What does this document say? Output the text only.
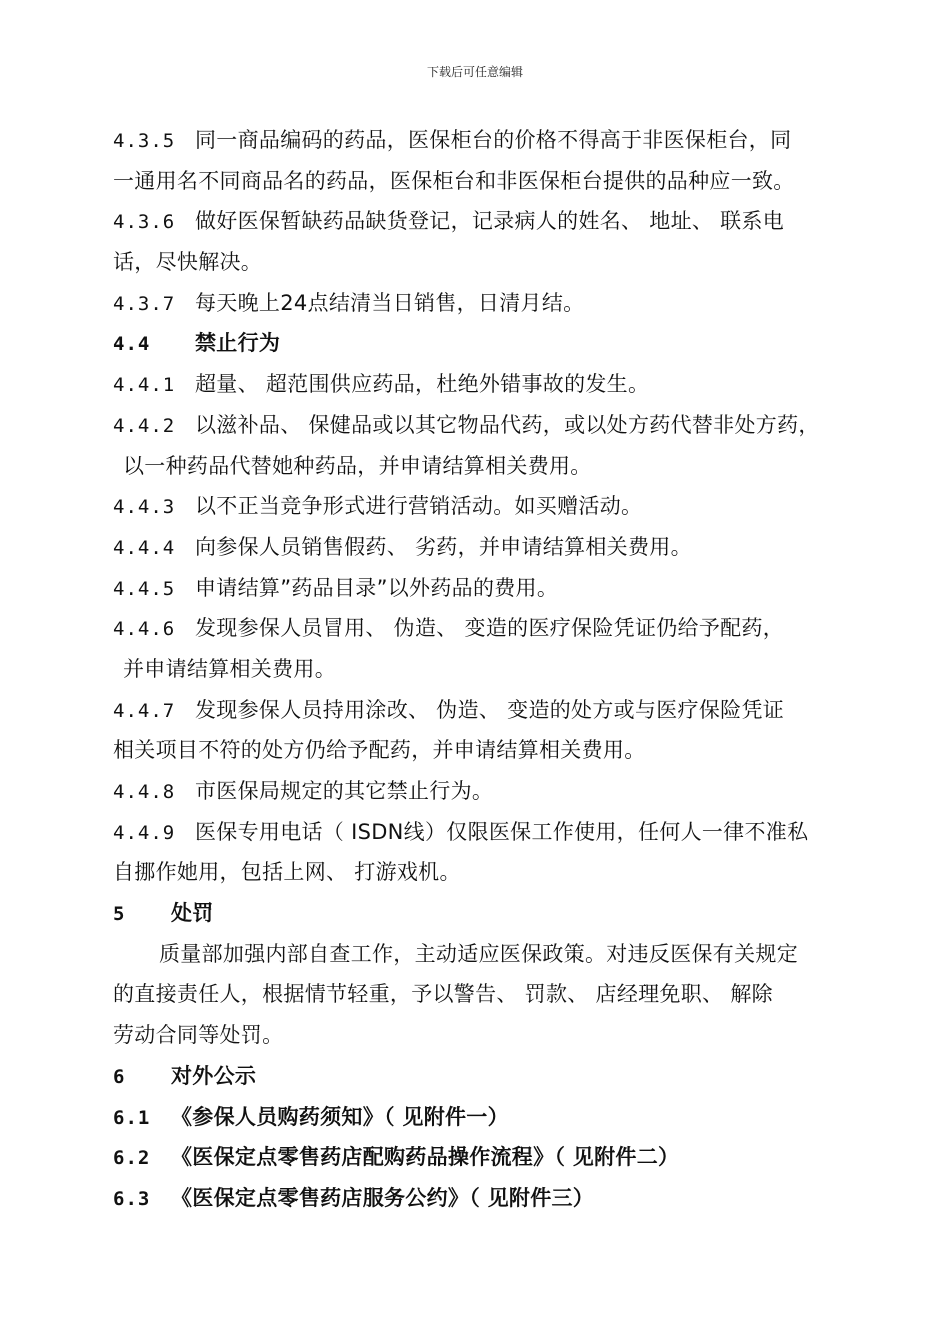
下载后可任意编辑
4.3.5 同一商品编码的药品，医保柜台的价格不得高于非医保柜台，同
一通用名不同商品名的药品，医保柜台和非医保柜台提供的品种应一致。
4.3.6 做好医保暂缺药品缺货登记，记录病人的姓名、 地址、 联系电
话，尽快解决。
4.3.7 每天晚上24点结清当日销售，日清月结。
4.4 禁止行为
4.4.1 超量、 超范围供应药品，杜绝外错事故的发生。
4.4.2 以滋补品、 保健品或以其它物品代药，或以处方药代替非处方药，
以一种药品代替她种药品，并申请结算相关费用。
4.4.3 以不正当竞争形式进行营销活动。如买赠活动。
4.4.4 向参保人员销售假药、 劣药，并申请结算相关费用。
4.4.5 申请结算”药品目录”以外药品的费用。
4.4.6 发现参保人员冒用、 伪造、 变造的医疗保险凭证仍给予配药，
并申请结算相关费用。
4.4.7 发现参保人员持用涂改、 伪造、 变造的处方或与医疗保险凭证
相关项目不符的处方仍给予配药，并申请结算相关费用。
4.4.8 市医保局规定的其它禁止行为。
4.4.9 医保专用电话（ ISDN线）仅限医保工作使用，任何人一律不准私
自挪作她用，包括上网、 打游戏机。
5 处罚
质量部加强内部自查工作，主动适应医保政策。对违反医保有关规定
的直接责任人，根据情节轻重，予以警告、 罚款、 店经理免职、 解除
劳动合同等处罚。
6 对外公示
6.1 《参保人员购药须知》（ 见附件一）
6.2 《医保定点零售药店配购药品操作流程》（ 见附件二）
6.3 《医保定点零售药店服务公约》（ 见附件三）
